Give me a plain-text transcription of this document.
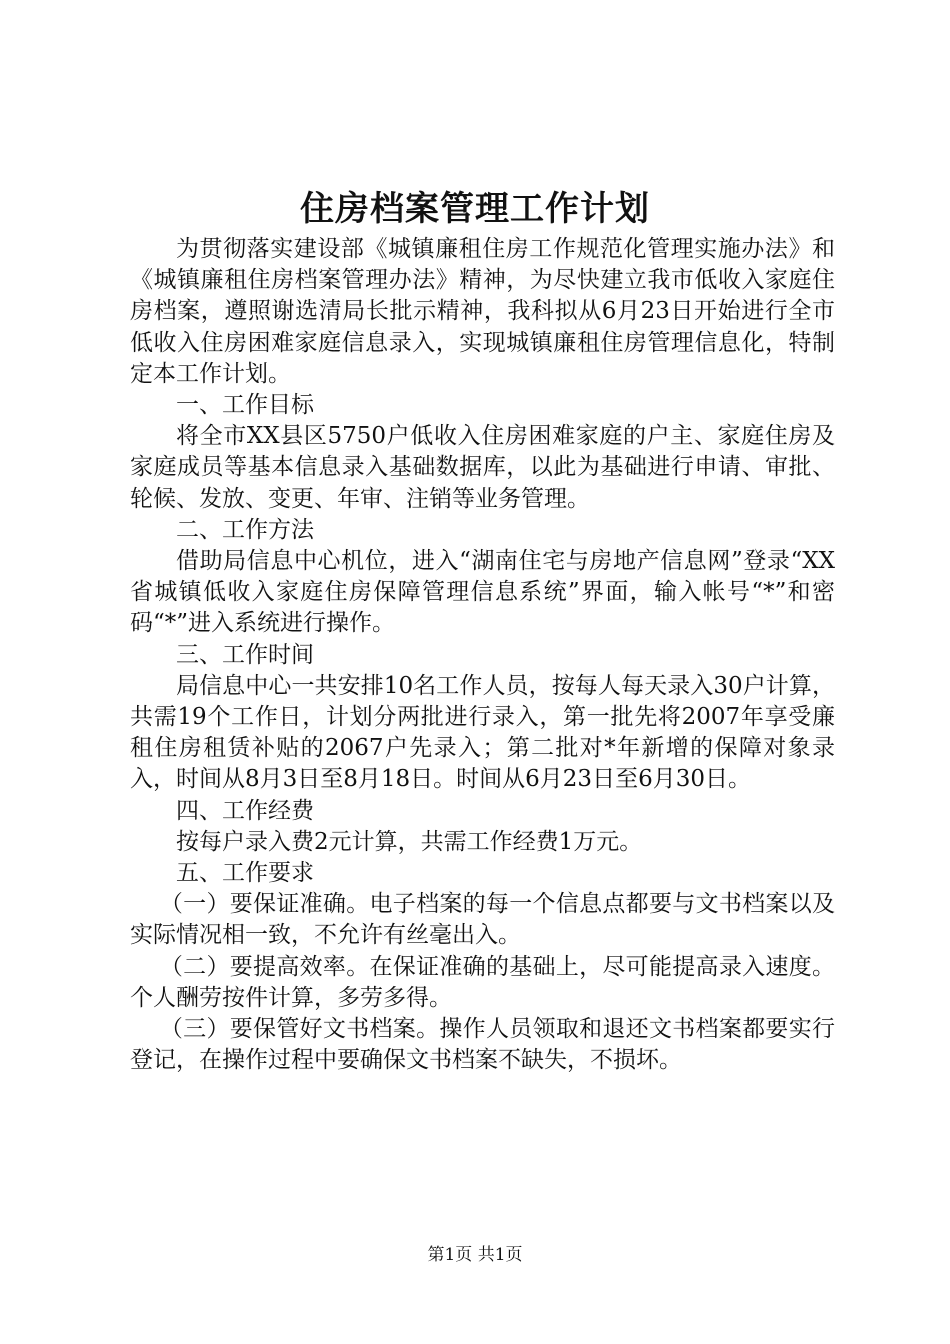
住房档案管理工作计划

为贯彻落实建设部《城镇廉租住房工作规范化管理实施办法》和《城镇廉租住房档案管理办法》精神，为尽快建立我市低收入家庭住房档案，遵照谢选清局长批示精神，我科拟从6月23日开始进行全市低收入住房困难家庭信息录入，实现城镇廉租住房管理信息化，特制定本工作计划。

一、工作目标

将全市XX县区5750户低收入住房困难家庭的户主、家庭住房及家庭成员等基本信息录入基础数据库，以此为基础进行申请、审批、轮候、发放、变更、年审、注销等业务管理。

二、工作方法

借助局信息中心机位，进入“湖南住宅与房地产信息网”登录“XX省城镇低收入家庭住房保障管理信息系统”界面，输入帐号“*”和密码“*”进入系统进行操作。

三、工作时间

局信息中心一共安排10名工作人员，按每人每天录入30户计算，共需19个工作日，计划分两批进行录入，第一批先将2007年享受廉租住房租赁补贴的2067户先录入；第二批对*年新增的保障对象录入，时间从8月3日至8月18日。时间从6月23日至6月30日。

四、工作经费

按每户录入费2元计算，共需工作经费1万元。

五、工作要求

（一）要保证准确。电子档案的每一个信息点都要与文书档案以及实际情况相一致，不允许有丝毫出入。

（二）要提高效率。在保证准确的基础上，尽可能提高录入速度。个人酬劳按件计算，多劳多得。

（三）要保管好文书档案。操作人员领取和退还文书档案都要实行登记，在操作过程中要确保文书档案不缺失，不损坏。

第1页 共1页
